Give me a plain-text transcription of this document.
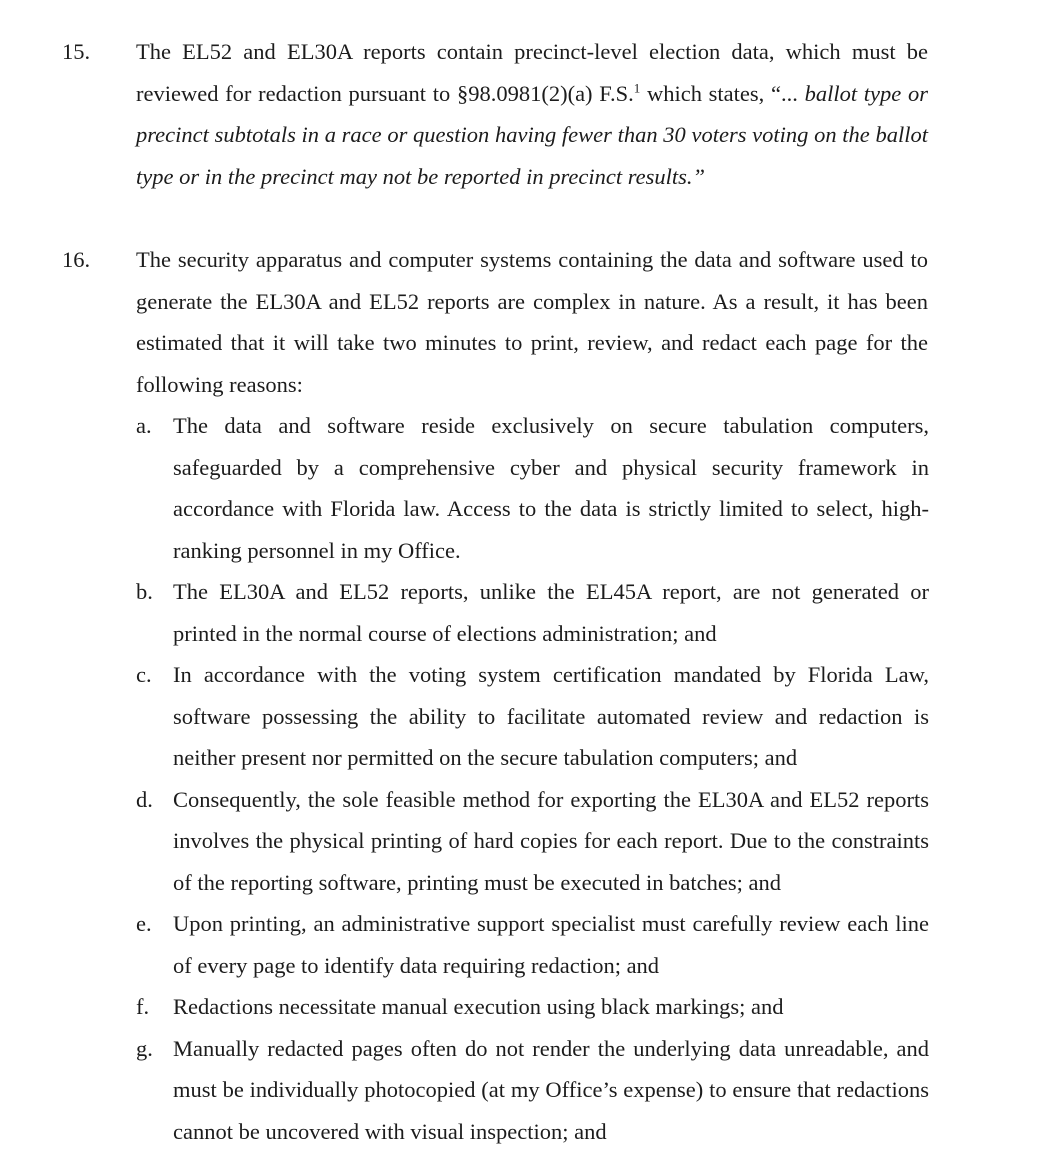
15. The EL52 and EL30A reports contain precinct-level election data, which must be reviewed for redaction pursuant to §98.0981(2)(a) F.S.$^1$ which states, “... ballot type or precinct subtotals in a race or question having fewer than 30 voters voting on the ballot type or in the precinct may not be reported in precinct results.”
16. The security apparatus and computer systems containing the data and software used to generate the EL30A and EL52 reports are complex in nature. As a result, it has been estimated that it will take two minutes to print, review, and redact each page for the following reasons:
a. The data and software reside exclusively on secure tabulation computers, safeguarded by a comprehensive cyber and physical security framework in accordance with Florida law. Access to the data is strictly limited to select, high-ranking personnel in my Office.
b. The EL30A and EL52 reports, unlike the EL45A report, are not generated or printed in the normal course of elections administration; and
c. In accordance with the voting system certification mandated by Florida Law, software possessing the ability to facilitate automated review and redaction is neither present nor permitted on the secure tabulation computers; and
d. Consequently, the sole feasible method for exporting the EL30A and EL52 reports involves the physical printing of hard copies for each report. Due to the constraints of the reporting software, printing must be executed in batches; and
e. Upon printing, an administrative support specialist must carefully review each line of every page to identify data requiring redaction; and
f. Redactions necessitate manual execution using black markings; and
g. Manually redacted pages often do not render the underlying data unreadable, and must be individually photocopied (at my Office’s expense) to ensure that redactions cannot be uncovered with visual inspection; and
